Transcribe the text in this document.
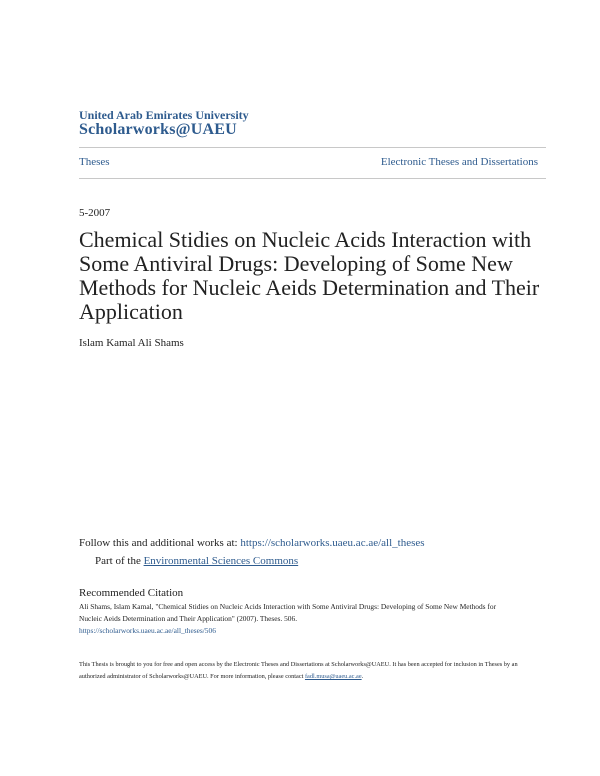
United Arab Emirates University
Scholarworks@UAEU
Theses	Electronic Theses and Dissertations
5-2007
Chemical Stidies on Nucleic Acids Interaction with Some Antiviral Drugs: Developing of Some New Methods for Nucleic Aeids Determination and Their Application
Islam Kamal Ali Shams
Follow this and additional works at: https://scholarworks.uaeu.ac.ae/all_theses
Part of the Environmental Sciences Commons
Recommended Citation
Ali Shams, Islam Kamal, "Chemical Stidies on Nucleic Acids Interaction with Some Antiviral Drugs: Developing of Some New Methods for Nucleic Aeids Determination and Their Application" (2007). Theses. 506.
https://scholarworks.uaeu.ac.ae/all_theses/506
This Thesis is brought to you for free and open access by the Electronic Theses and Dissertations at Scholarworks@UAEU. It has been accepted for inclusion in Theses by an authorized administrator of Scholarworks@UAEU. For more information, please contact fadl.musa@uaeu.ac.ae.
